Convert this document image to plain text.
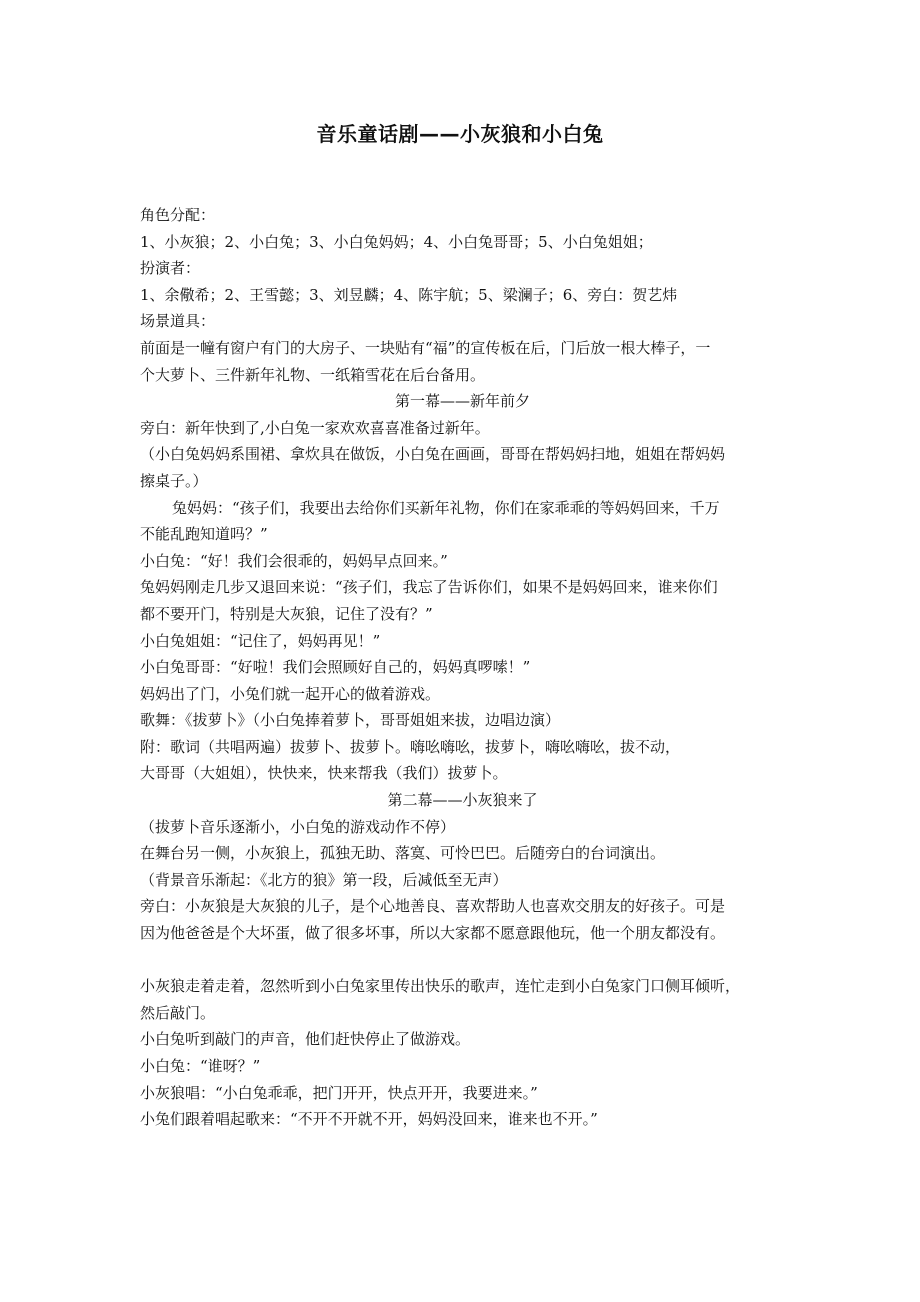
音乐童话剧——小灰狼和小白兔
角色分配：
1、小灰狼；2、小白兔；3、小白兔妈妈；4、小白兔哥哥；5、小白兔姐姐；
扮演者：
1、余儆希；2、王雪懿；3、刘昱麟；4、陈宇航；5、梁澜子；6、旁白：贺艺炜
场景道具：
前面是一幢有窗户有门的大房子、一块贴有“福”的宣传板在后，门后放一根大棒子，一
个大萝卜、三件新年礼物、一纸箱雪花在后台备用。
第一幕——新年前夕
旁白：新年快到了,小白兔一家欢欢喜喜准备过新年。
（小白兔妈妈系围裙、拿炊具在做饭，小白兔在画画，哥哥在帮妈妈扫地，姐姐在帮妈妈
擦桌子。）
兔妈妈：“孩子们，我要出去给你们买新年礼物，你们在家乖乖的等妈妈回来，千万
不能乱跑知道吗？”
小白兔：“好！我们会很乖的，妈妈早点回来。”
兔妈妈刚走几步又退回来说：“孩子们，我忘了告诉你们，如果不是妈妈回来，谁来你们
都不要开门，特别是大灰狼，记住了没有？”
小白兔姐姐：“记住了，妈妈再见！”
小白兔哥哥：“好啦！我们会照顾好自己的，妈妈真啰嗦！”
妈妈出了门，小兔们就一起开心的做着游戏。
歌舞：《拔萝卜》（小白兔捧着萝卜，哥哥姐姐来拔，边唱边演）
附：歌词（共唱两遍）拔萝卜、拔萝卜。嗨吆嗨吆，拔萝卜，嗨吆嗨吆，拔不动，
大哥哥（大姐姐），快快来，快来帮我（我们）拔萝卜。
第二幕——小灰狼来了
（拔萝卜音乐逐渐小，小白兔的游戏动作不停）
在舞台另一侧，小灰狼上，孤独无助、落寞、可怜巴巴。后随旁白的台词演出。
（背景音乐渐起：《北方的狼》第一段，后减低至无声）
旁白：小灰狼是大灰狼的儿子，是个心地善良、喜欢帮助人也喜欢交朋友的好孩子。可是
因为他爸爸是个大坏蛋，做了很多坏事，所以大家都不愿意跟他玩，他一个朋友都没有。
小灰狼走着走着，忽然听到小白兔家里传出快乐的歌声，连忙走到小白兔家门口侧耳倾听，
然后敲门。
小白兔听到敲门的声音，他们赶快停止了做游戏。
小白兔：“谁呀？”
小灰狼唱：“小白兔乖乖，把门开开，快点开开，我要进来。”
小兔们跟着唱起歌来：“不开不开就不开，妈妈没回来，谁来也不开。”
